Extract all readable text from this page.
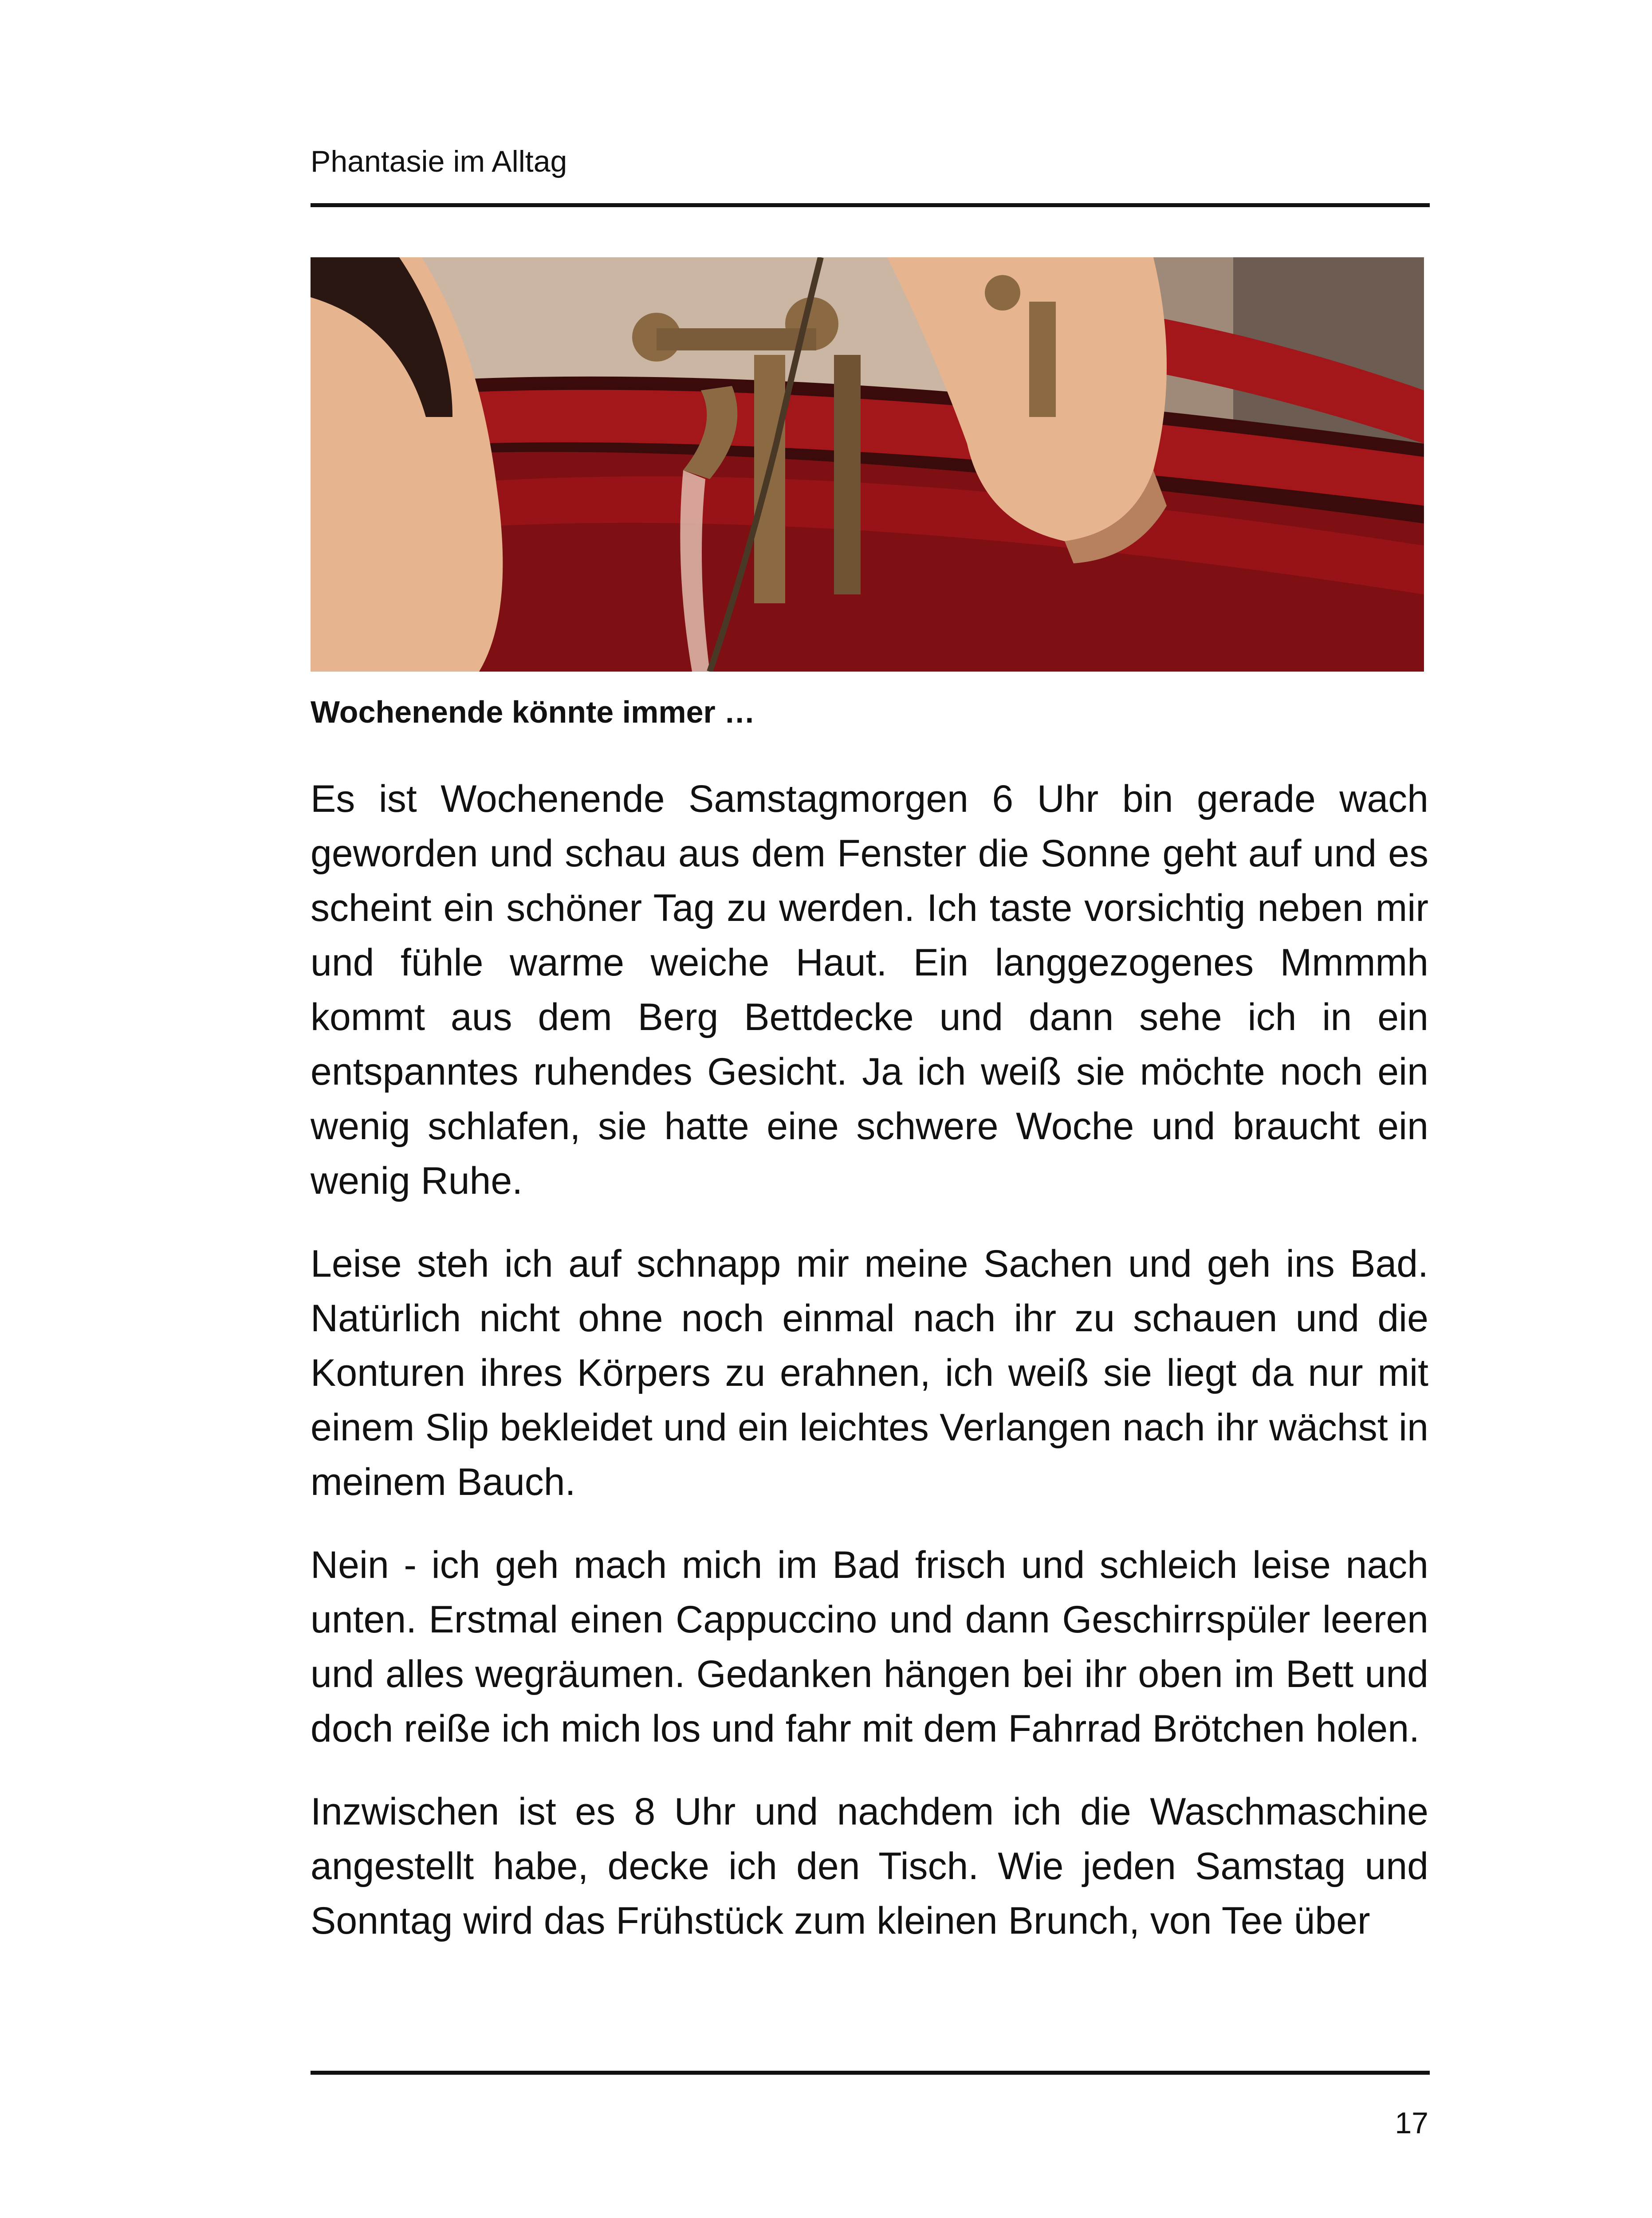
Phantasie im Alltag
Wochenende könnte immer …

Es ist Wochenende Samstagmorgen 6 Uhr bin gerade wach geworden und schau aus dem Fenster die Sonne geht auf und es scheint ein schöner Tag zu werden. Ich taste vorsichtig neben mir und fühle warme weiche Haut. Ein langgezogenes Mmmmh kommt aus dem Berg Bettdecke und dann sehe ich in ein entspanntes ruhendes Gesicht. Ja ich weiß sie möchte noch ein wenig schlafen, sie hatte eine schwere Woche und braucht ein wenig Ruhe.

Leise steh ich auf schnapp mir meine Sachen und geh ins Bad. Natürlich nicht ohne noch einmal nach ihr zu schauen und die Konturen ihres Körpers zu erahnen, ich weiß sie liegt da nur mit einem Slip bekleidet und ein leichtes Verlangen nach ihr wächst in meinem Bauch.

Nein - ich geh mach mich im Bad frisch und schleich leise nach unten. Erstmal einen Cappuccino und dann Geschirrspüler leeren und alles wegräumen. Gedanken hängen bei ihr oben im Bett und doch reiße ich mich los und fahr mit dem Fahrrad Brötchen holen.

Inzwischen ist es 8 Uhr und nachdem ich die Waschmaschine angestellt habe, decke ich den Tisch. Wie jeden Samstag und Sonntag wird das Frühstück zum kleinen Brunch, von Tee über

17
